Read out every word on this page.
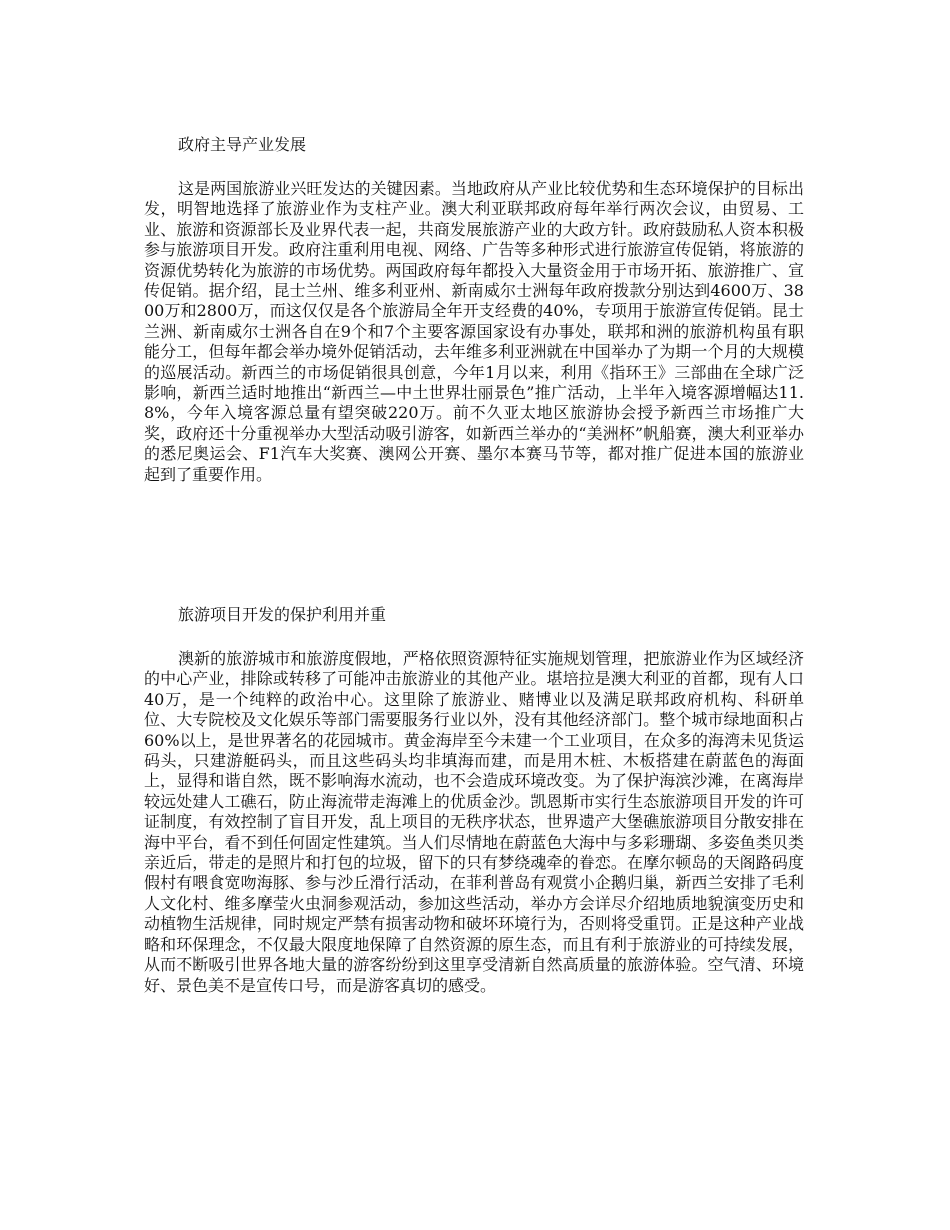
政府主导产业发展

这是两国旅游业兴旺发达的关键因素。当地政府从产业比较优势和生态环境保护的目标出发，明智地选择了旅游业作为支柱产业。澳大利亚联邦政府每年举行两次会议，由贸易、工业、旅游和资源部长及业界代表一起，共商发展旅游产业的大政方针。政府鼓励私人资本积极参与旅游项目开发。政府注重利用电视、网络、广告等多种形式进行旅游宣传促销，将旅游的资源优势转化为旅游的市场优势。两国政府每年都投入大量资金用于市场开拓、旅游推广、宣传促销。据介绍，昆士兰州、维多利亚州、新南威尔士洲每年政府拨款分别达到4600万、3800万和2800万，而这仅仅是各个旅游局全年开支经费的40%，专项用于旅游宣传促销。昆士兰洲、新南威尔士洲各自在9个和7个主要客源国家设有办事处，联邦和洲的旅游机构虽有职能分工，但每年都会举办境外促销活动，去年维多利亚洲就在中国举办了为期一个月的大规模的巡展活动。新西兰的市场促销很具创意，今年1月以来，利用《指环王》三部曲在全球广泛影响，新西兰适时地推出“新西兰—中土世界壮丽景色”推广活动，上半年入境客源增幅达11.8%，今年入境客源总量有望突破220万。前不久亚太地区旅游协会授予新西兰市场推广大奖，政府还十分重视举办大型活动吸引游客，如新西兰举办的“美洲杯”帆船赛，澳大利亚举办的悉尼奥运会、F1汽车大奖赛、澳网公开赛、墨尔本赛马节等，都对推广促进本国的旅游业起到了重要作用。

旅游项目开发的保护利用并重

澳新的旅游城市和旅游度假地，严格依照资源特征实施规划管理，把旅游业作为区域经济的中心产业，排除或转移了可能冲击旅游业的其他产业。堪培拉是澳大利亚的首都，现有人口40万，是一个纯粹的政治中心。这里除了旅游业、赌博业以及满足联邦政府机构、科研单位、大专院校及文化娱乐等部门需要服务行业以外，没有其他经济部门。整个城市绿地面积占60%以上，是世界著名的花园城市。黄金海岸至今未建一个工业项目，在众多的海湾未见货运码头，只建游艇码头，而且这些码头均非填海而建，而是用木桩、木板搭建在蔚蓝色的海面上，显得和谐自然，既不影响海水流动，也不会造成环境改变。为了保护海滨沙滩，在离海岸较远处建人工礁石，防止海流带走海滩上的优质金沙。凯恩斯市实行生态旅游项目开发的许可证制度，有效控制了盲目开发，乱上项目的无秩序状态，世界遗产大堡礁旅游项目分散安排在海中平台，看不到任何固定性建筑。当人们尽情地在蔚蓝色大海中与多彩珊瑚、多姿鱼类贝类亲近后，带走的是照片和打包的垃圾，留下的只有梦绕魂牵的眷恋。在摩尔顿岛的天阁路码度假村有喂食宽吻海豚、参与沙丘滑行活动，在菲利普岛有观赏小企鹅归巢，新西兰安排了毛利人文化村、维多摩莹火虫洞参观活动，参加这些活动，举办方会详尽介绍地质地貌演变历史和动植物生活规律，同时规定严禁有损害动物和破坏环境行为，否则将受重罚。正是这种产业战略和环保理念，不仅最大限度地保障了自然资源的原生态，而且有利于旅游业的可持续发展，从而不断吸引世界各地大量的游客纷纷到这里享受清新自然高质量的旅游体验。空气清、环境好、景色美不是宣传口号，而是游客真切的感受。
